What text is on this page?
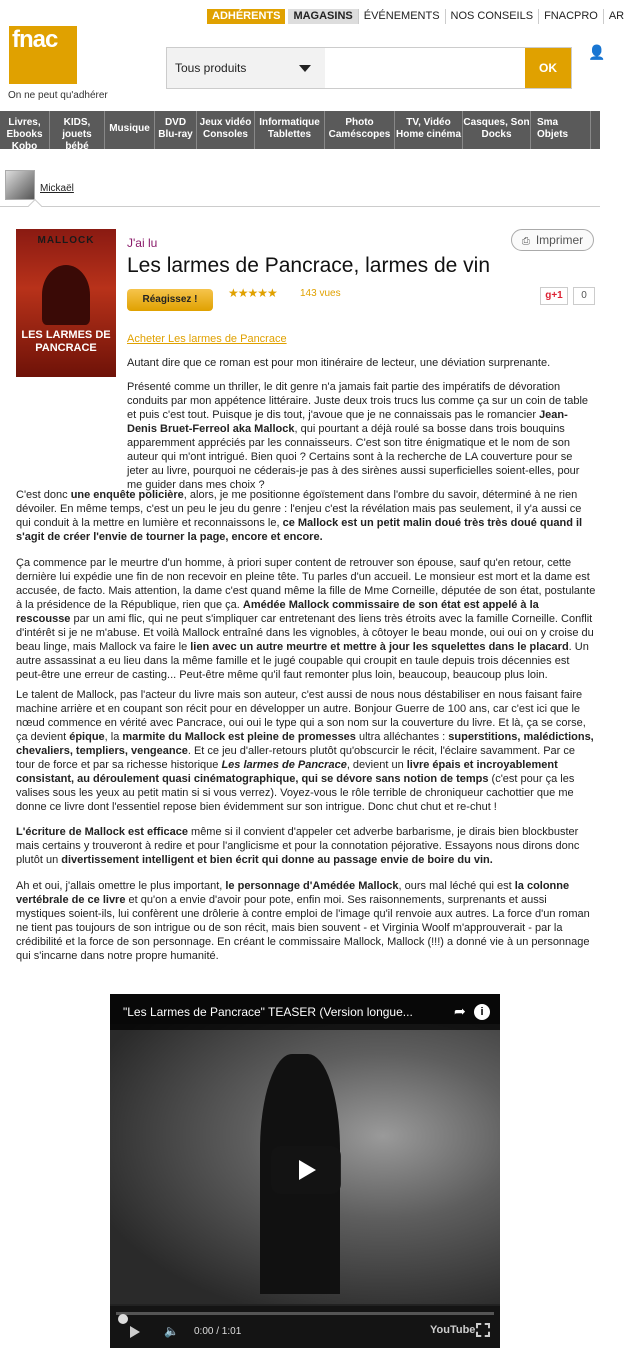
fnac
On ne peut qu'adhérer
ADHÉRENTS	MAGASINS	ÉVÉNEMENTS	NOS CONSEILS	FNACPRO	AR
👤
Tous produits	OK
Livres, Ebooks Kobo
KIDS, jouets bébé
Musique
DVD Blu-ray
Jeux vidéo Consoles
Informatique Tablettes
Photo Caméscopes
TV, Vidéo Home cinéma
Casques, Son Docks
Sma Objets
Mickaël
MALLOCK
LES LARMES DE PANCRACE
J'ai lu
Les larmes de Pancrace, larmes de vin
⎙ Imprimer
Réagissez !	★★★★★ 143 vues	g+1	0
Acheter Les larmes de Pancrace

Autant dire que ce roman est pour mon itinéraire de lecteur, une déviation surprenante.

Présenté comme un thriller, le dit genre n'a jamais fait partie des impératifs de dévoration conduits par mon appétence littéraire. Juste deux trois trucs lus comme ça sur un coin de table et puis c'est tout. Puisque je dis tout, j'avoue que je ne connaissais pas le romancier Jean-Denis Bruet-Ferreol aka Mallock, qui pourtant a déjà roulé sa bosse dans trois bouquins apparemment appréciés par les connaisseurs. C'est son titre énigmatique et le nom de son auteur qui m'ont intrigué. Bien quoi ? Certains sont à la recherche de LA couverture pour se jeter au livre, pourquoi ne céderais-je pas à des sirènes aussi superficielles soient-elles, pour me guider dans mes choix ?

C'est donc une enquête policière, alors, je me positionne égoïstement dans l'ombre du savoir, déterminé à ne rien dévoiler. En même temps, c'est un peu le jeu du genre : l'enjeu c'est la révélation mais pas seulement, il y'a aussi ce qui conduit à la mettre en lumière et reconnaissons le, ce Mallock est un petit malin doué très très doué quand il s'agit de créer l'envie de tourner la page, encore et encore.

Ça commence par le meurtre d'un homme, à priori super content de retrouver son épouse, sauf qu'en retour, cette dernière lui expédie une fin de non recevoir en pleine tête. Tu parles d'un accueil. Le monsieur est mort et la dame est accusée, de facto. Mais attention, la dame c'est quand même la fille de Mme Corneille, députée de son état, postulante à la présidence de la République, rien que ça. Amédée Mallock commissaire de son état est appelé à la rescousse par un ami flic, qui ne peut s'impliquer car entretenant des liens très étroits avec la famille Corneille. Conflit d'intérêt si je ne m'abuse. Et voilà Mallock entraîné dans les vignobles, à côtoyer le beau monde, oui oui on y croise du beau linge, mais Mallock va faire le lien avec un autre meurtre et mettre à jour les squelettes dans le placard. Un autre assassinat a eu lieu dans la même famille et le jugé coupable qui croupit en taule depuis trois décennies est peut-être une erreur de casting... Peut-être même qu'il faut remonter plus loin, beaucoup, beaucoup plus loin.

Le talent de Mallock, pas l'acteur du livre mais son auteur, c'est aussi de nous nous déstabiliser en nous faisant faire machine arrière et en coupant son récit pour en développer un autre. Bonjour Guerre de 100 ans, car c'est ici que le nœud commence en vérité avec Pancrace, oui oui le type qui a son nom sur la couverture du livre. Et là, ça se corse, ça devient épique, la marmite du Mallock est pleine de promesses ultra alléchantes : superstitions, malédictions, chevaliers, templiers, vengeance. Et ce jeu d'aller-retours plutôt qu'obscurcir le récit, l'éclaire savamment. Par ce tour de force et par sa richesse historique Les larmes de Pancrace, devient un livre épais et incroyablement consistant, au déroulement quasi cinématographique, qui se dévore sans notion de temps (c'est pour ça les valises sous les yeux au petit matin si si vous verrez). Voyez-vous le rôle terrible de chroniqueur cachottier que me donne ce livre dont l'essentiel repose bien évidemment sur son intrigue. Donc chut chut et re-chut !

L'écriture de Mallock est efficace même si il convient d'appeler cet adverbe barbarisme, je dirais bien blockbuster mais certains y trouveront à redire et pour l'anglicisme et pour la connotation péjorative. Essayons nous dirons donc plutôt un divertissement intelligent et bien écrit qui donne au passage envie de boire du vin.

Ah et oui, j'allais omettre le plus important, le personnage d'Amédée Mallock, ours mal léché qui est la colonne vertébrale de ce livre et qu'on a envie d'avoir pour pote, enfin moi. Ses raisonnements, surprenants et aussi mystiques soient-ils, lui confèrent une drôlerie à contre emploi de l'image qu'il renvoie aux autres. La force d'un roman ne tient pas toujours de son intrigue ou de son récit, mais bien souvent - et Virginia Woolf m'approuverait - par la crédibilité et la force de son personnage. En créant le commissaire Mallock, Mallock (!!!) a donné vie à un personnage qui s'incarne dans notre propre humanité.

"Les Larmes de Pancrace" TEASER (Version longue...	➦	i
🔈 0:00 / 1:01	YouTube
